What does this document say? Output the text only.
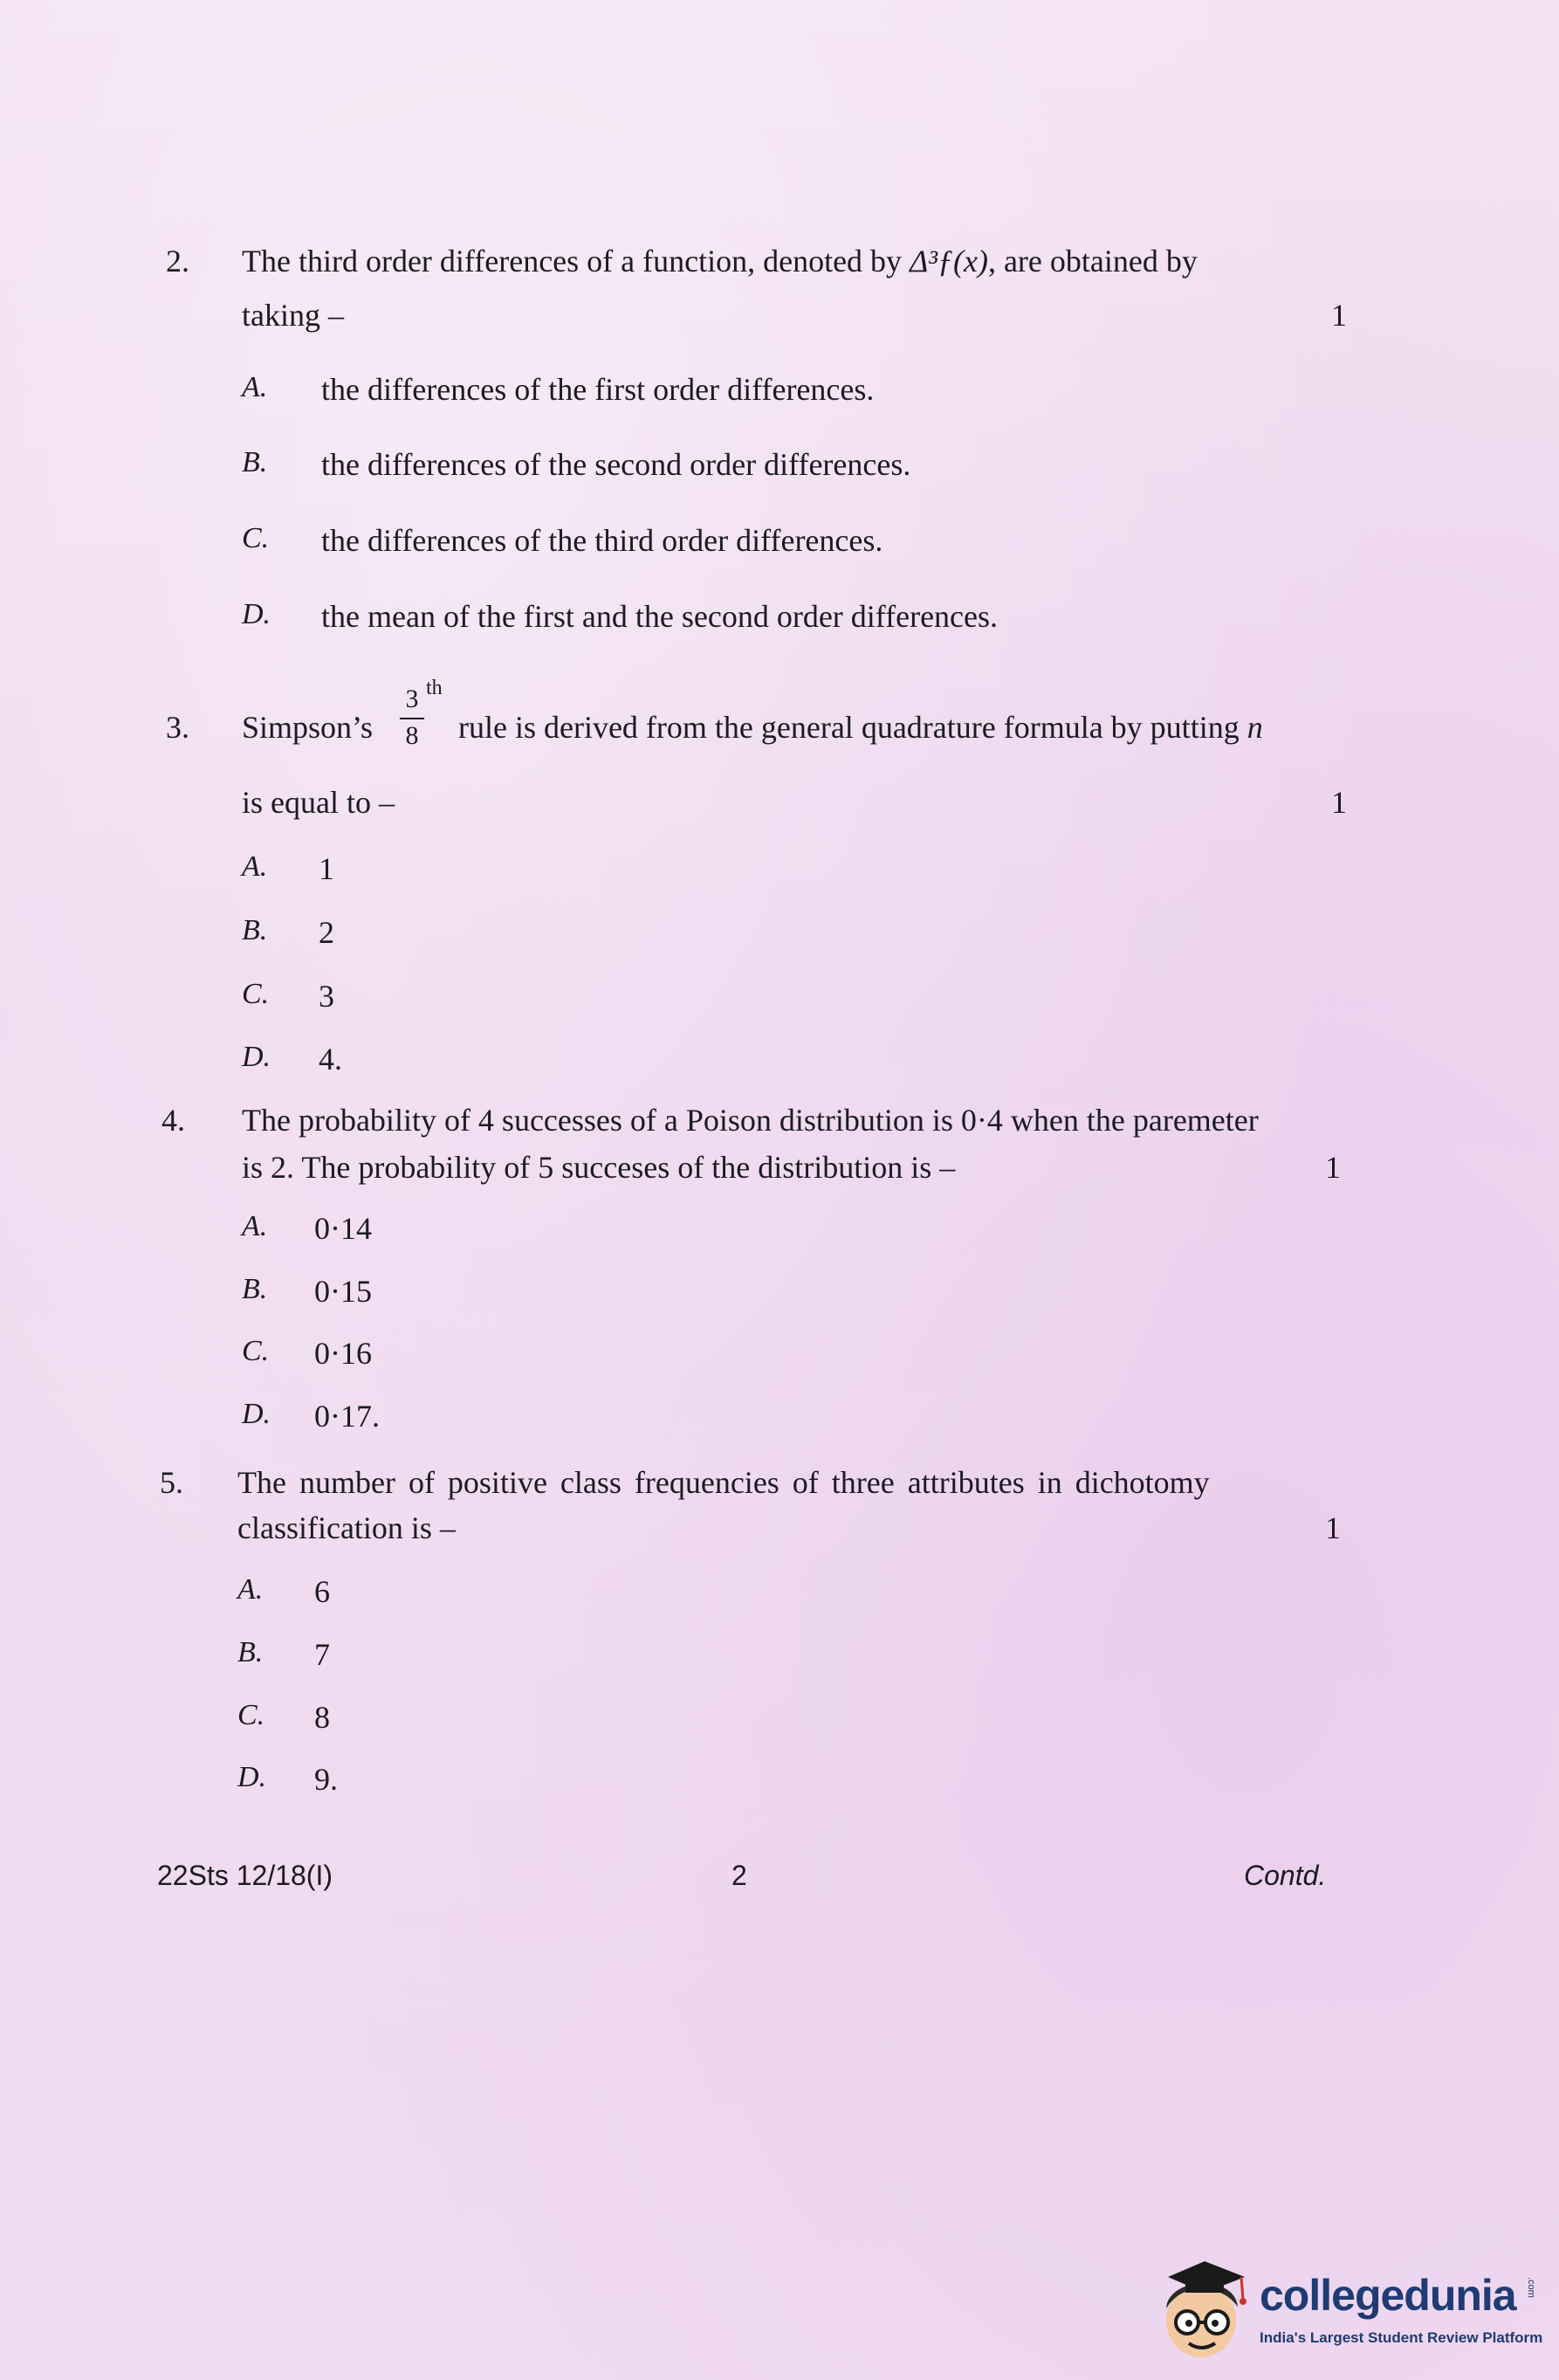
2. The third order differences of a function, denoted by Δ³ƒ(x), are obtained by
taking –	1
A. the differences of the first order differences.
B. the differences of the second order differences.
C. the differences of the third order differences.
D. the mean of the first and the second order differences.
3. Simpson’s
3
8
th
rule is derived from the general quadrature formula by putting n
is equal to –	1
A. 1
B. 2
C. 3
D. 4.
4. The probability of 4 successes of a Poison distribution is 0·4 when the paremeter
is 2. The probability of 5 succeses of the distribution is –	1
A. 0·14
B. 0·15
C. 0·16
D. 0·17.
5. The number of positive class frequencies of three attributes in dichotomy
classification is –	1
A. 6
B. 7
C. 8
D. 9.
22Sts 12/18(I)	2	Contd.
collegedunia .com
India's Largest Student Review Platform
